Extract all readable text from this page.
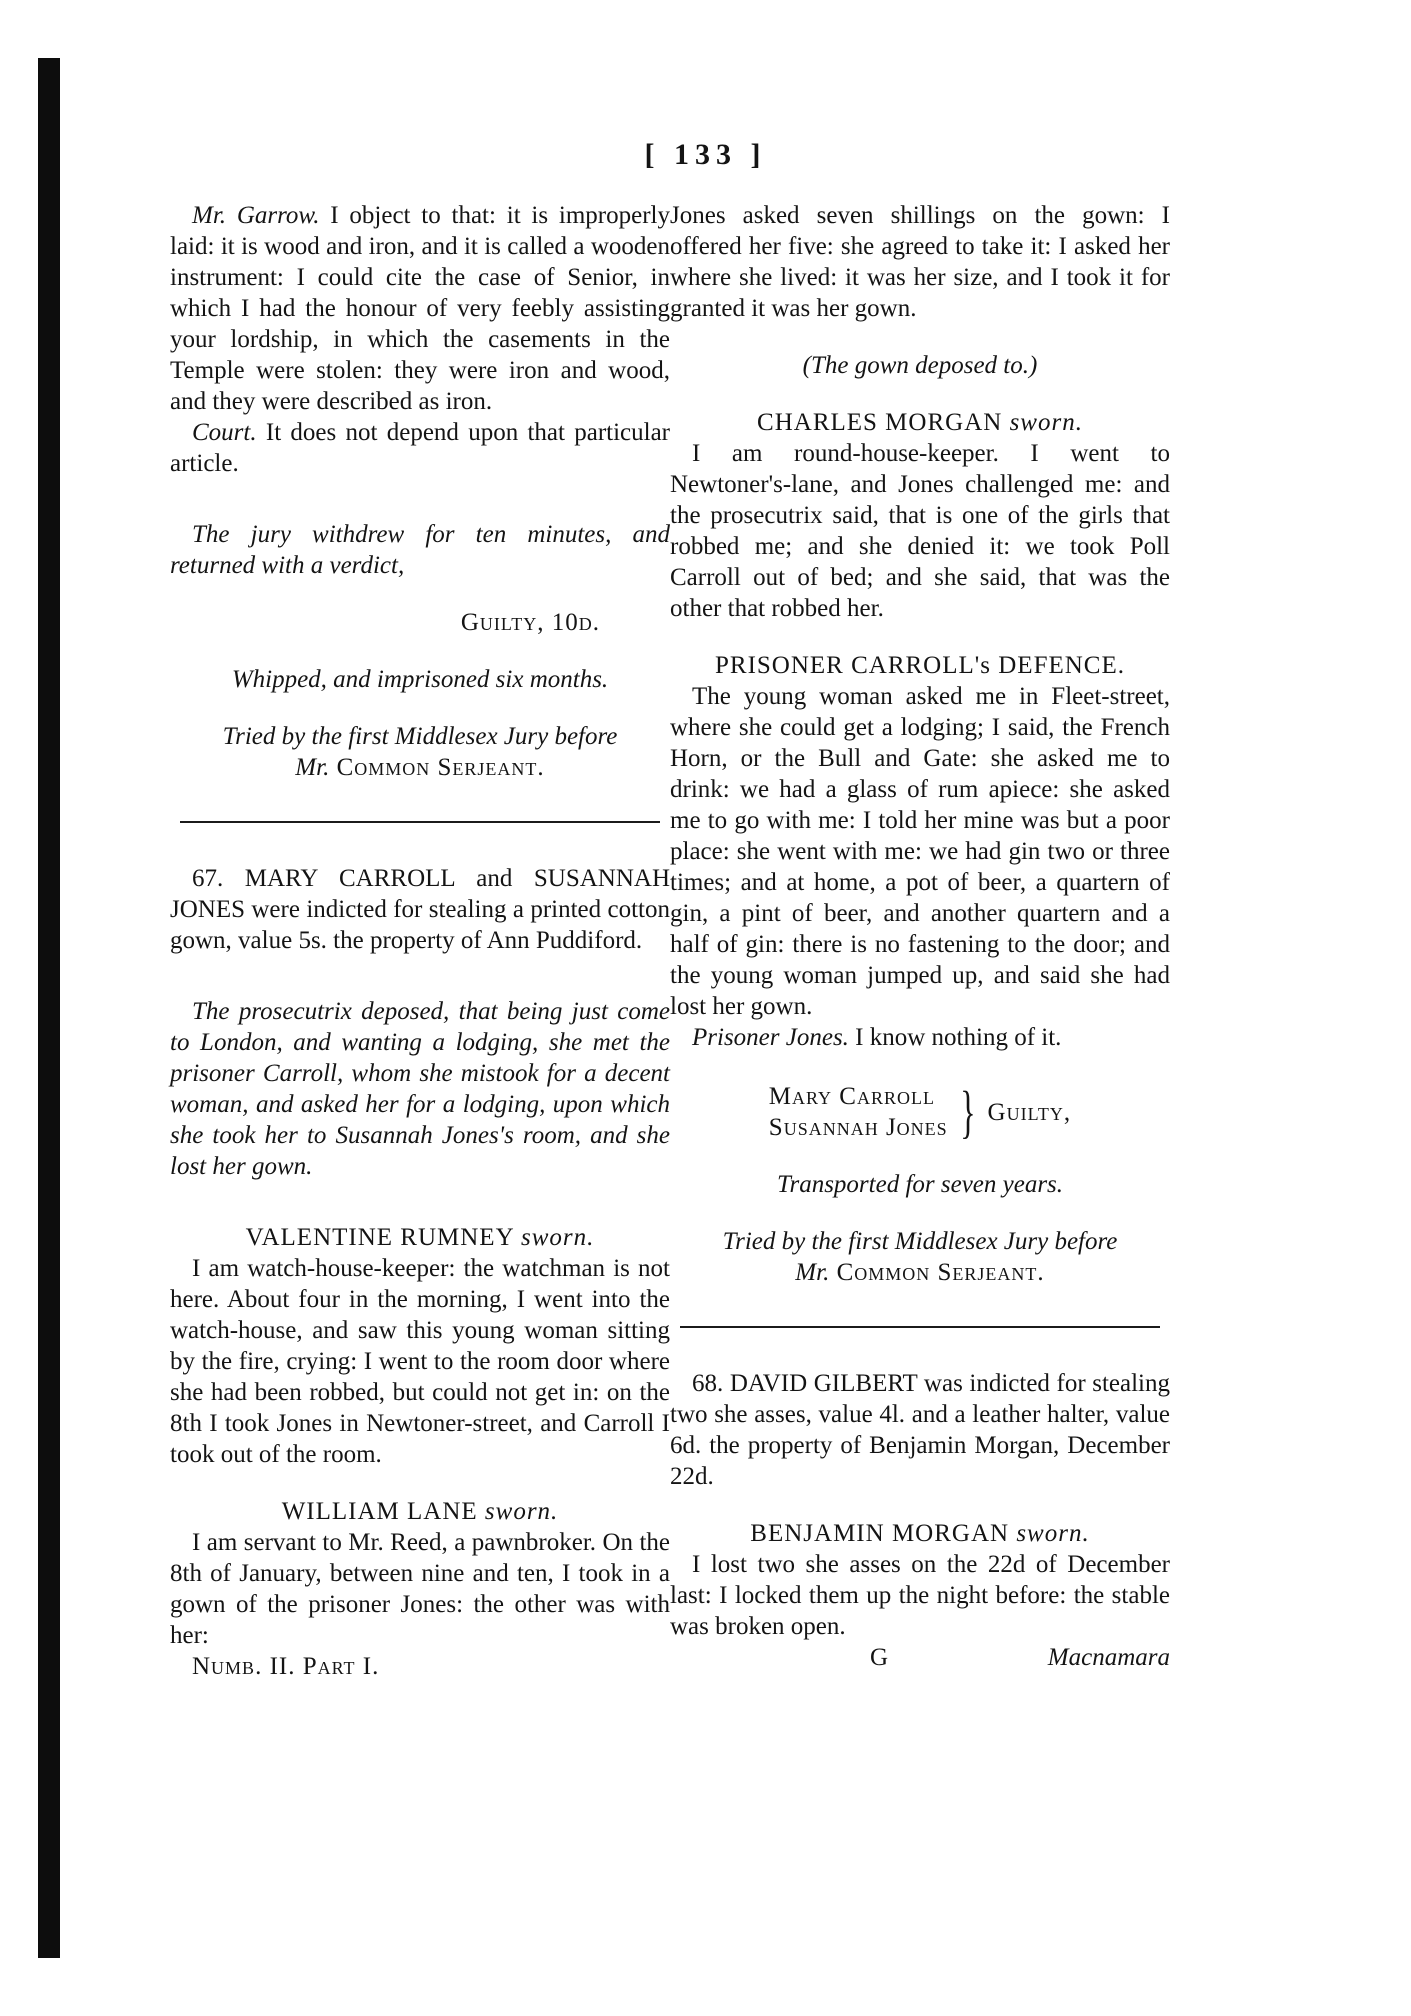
[ 133 ]

Mr. Garrow. I object to that: it is improperly laid: it is wood and iron, and it is called a wooden instrument: I could cite the case of Senior, in which I had the honour of very feebly assisting your lordship, in which the casements in the Temple were stolen: they were iron and wood, and they were described as iron.

Court. It does not depend upon that particular article.

The jury withdrew for ten minutes, and returned with a verdict,

Guilty, 10d.

Whipped, and imprisoned six months.

Tried by the first Middlesex Jury before

Mr. Common Serjeant.

67. MARY CARROLL and SUSANNAH JONES were indicted for stealing a printed cotton gown, value 5s. the property of Ann Puddiford.

The prosecutrix deposed, that being just come to London, and wanting a lodging, she met the prisoner Carroll, whom she mistook for a decent woman, and asked her for a lodging, upon which she took her to Susannah Jones's room, and she lost her gown.

VALENTINE RUMNEY sworn.

I am watch-house-keeper: the watchman is not here. About four in the morning, I went into the watch-house, and saw this young woman sitting by the fire, crying: I went to the room door where she had been robbed, but could not get in: on the 8th I took Jones in Newtoner-street, and Carroll I took out of the room.

WILLIAM LANE sworn.

I am servant to Mr. Reed, a pawnbroker. On the 8th of January, between nine and ten, I took in a gown of the prisoner Jones: the other was with her:

Numb. II. Part I.

Jones asked seven shillings on the gown: I offered her five: she agreed to take it: I asked her where she lived: it was her size, and I took it for granted it was her gown.

(The gown deposed to.)

CHARLES MORGAN sworn.

I am round-house-keeper. I went to Newtoner's-lane, and Jones challenged me: and the prosecutrix said, that is one of the girls that robbed me; and she denied it: we took Poll Carroll out of bed; and she said, that was the other that robbed her.

PRISONER CARROLL's DEFENCE.

The young woman asked me in Fleet-street, where she could get a lodging; I said, the French Horn, or the Bull and Gate: she asked me to drink: we had a glass of rum apiece: she asked me to go with me: I told her mine was but a poor place: she went with me: we had gin two or three times; and at home, a pot of beer, a quartern of gin, a pint of beer, and another quartern and a half of gin: there is no fastening to the door; and the young woman jumped up, and said she had lost her gown.

Prisoner Jones. I know nothing of it.

Mary Carroll
Susannah Jones } Guilty,

Transported for seven years.

Tried by the first Middlesex Jury before

Mr. Common Serjeant.

68. DAVID GILBERT was indicted for stealing two she asses, value 4l. and a leather halter, value 6d. the property of Benjamin Morgan, December 22d.

BENJAMIN MORGAN sworn.

I lost two she asses on the 22d of December last: I locked them up the night before: the stable was broken open.

G	Macnamara
